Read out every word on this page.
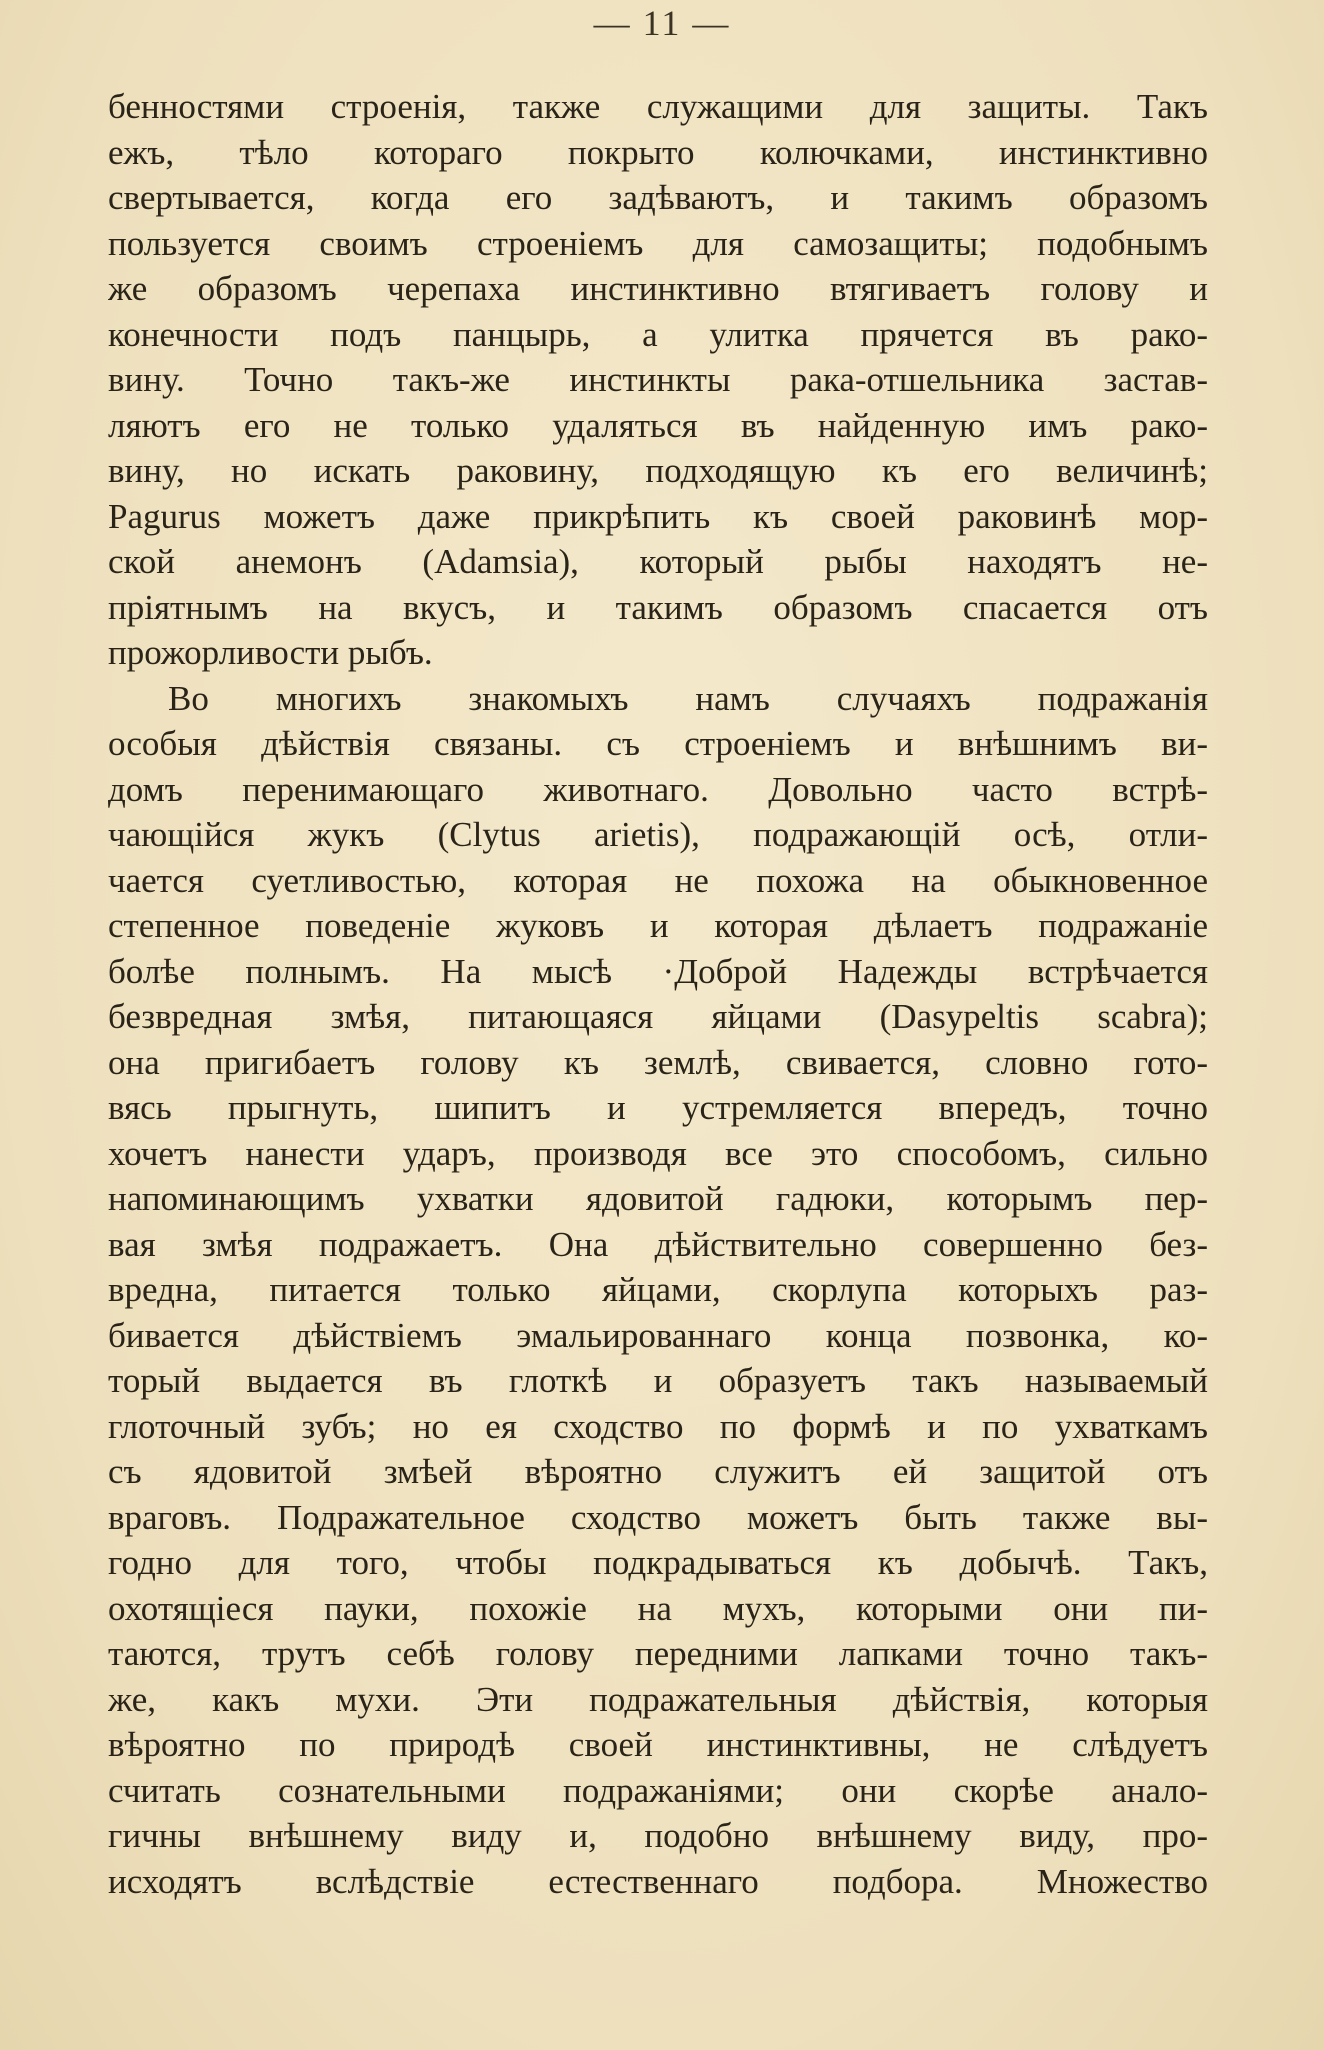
— 11 —
бенностями строенія, также служащими для защиты. Такъ
ежъ, тѣло котораго покрыто колючками, инстинктивно
свертывается, когда его задѣваютъ, и такимъ образомъ
пользуется своимъ строеніемъ для самозащиты; подобнымъ
же образомъ черепаха инстинктивно втягиваетъ голову и
конечности подъ панцырь, а улитка прячется въ рако-
вину. Точно такъ-же инстинкты рака-отшельника застав-
ляютъ его не только удаляться въ найденную имъ рако-
вину, но искать раковину, подходящую къ его величинѣ;
Pagurus можетъ даже прикрѣпить къ своей раковинѣ мор-
ской анемонъ (Adamsia), который рыбы находятъ не-
пріятнымъ на вкусъ, и такимъ образомъ спасается отъ
прожорливости рыбъ.
Во многихъ знакомыхъ намъ случаяхъ подражанія
особыя дѣйствія связаны. съ строеніемъ и внѣшнимъ ви-
домъ перенимающаго животнаго. Довольно часто встрѣ-
чающійся жукъ (Clytus arietis), подражающій осѣ, отли-
чается суетливостью, которая не похожа на обыкновенное
степенное поведеніе жуковъ и которая дѣлаетъ подражаніе
болѣе полнымъ. На мысѣ ·Доброй Надежды встрѣчается
безвредная змѣя, питающаяся яйцами (Dasypeltis scabra);
она пригибаетъ голову къ землѣ, свивается, словно гото-
вясь прыгнуть, шипитъ и устремляется впередъ, точно
хочетъ нанести ударъ, производя все это способомъ, сильно
напоминающимъ ухватки ядовитой гадюки, которымъ пер-
вая змѣя подражаетъ. Она дѣйствительно совершенно без-
вредна, питается только яйцами, скорлупа которыхъ раз-
бивается дѣйствіемъ эмальированнаго конца позвонка, ко-
торый выдается въ глоткѣ и образуетъ такъ называемый
глоточный зубъ; но ея сходство по формѣ и по ухваткамъ
съ ядовитой змѣей вѣроятно служитъ ей защитой отъ
враговъ. Подражательное сходство можетъ быть также вы-
годно для того, чтобы подкрадываться къ добычѣ. Такъ,
охотящіеся пауки, похожіе на мухъ, которыми они пи-
таются, трутъ себѣ голову передними лапками точно такъ-
же, какъ мухи. Эти подражательныя дѣйствія, которыя
вѣроятно по природѣ своей инстинктивны, не слѣдуетъ
считать сознательными подражаніями; они скорѣе анало-
гичны внѣшнему виду и, подобно внѣшнему виду, про-
исходятъ вслѣдствіе естественнаго подбора. Множество
